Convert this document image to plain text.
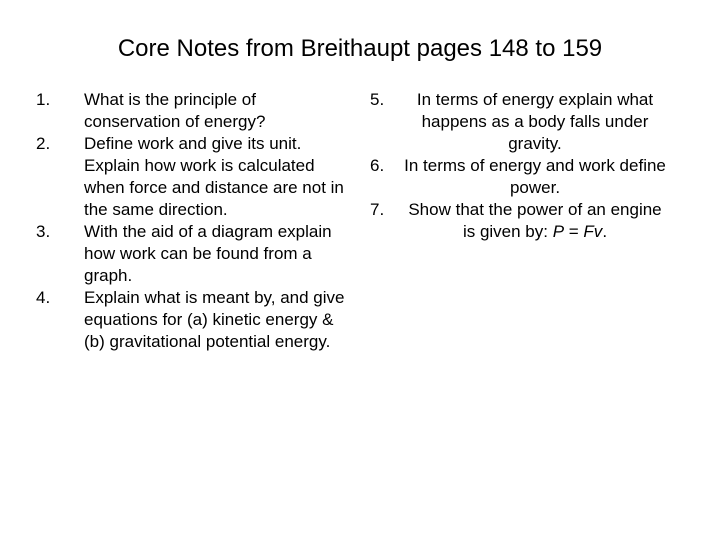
Core Notes from Breithaupt pages 148 to 159
1.	What is the principle of conservation of energy?
2.	Define work and give its unit. Explain how work is calculated when force and distance are not in the same direction.
3.	With the aid of a diagram explain how work can be found from a graph.
4.	Explain what is meant by, and give equations for (a) kinetic energy & (b) gravitational potential energy.
5.	In terms of energy explain what happens as a body falls under gravity.
6.	In terms of energy and work define power.
7.	Show that the power of an engine is given by: P = Fv.
